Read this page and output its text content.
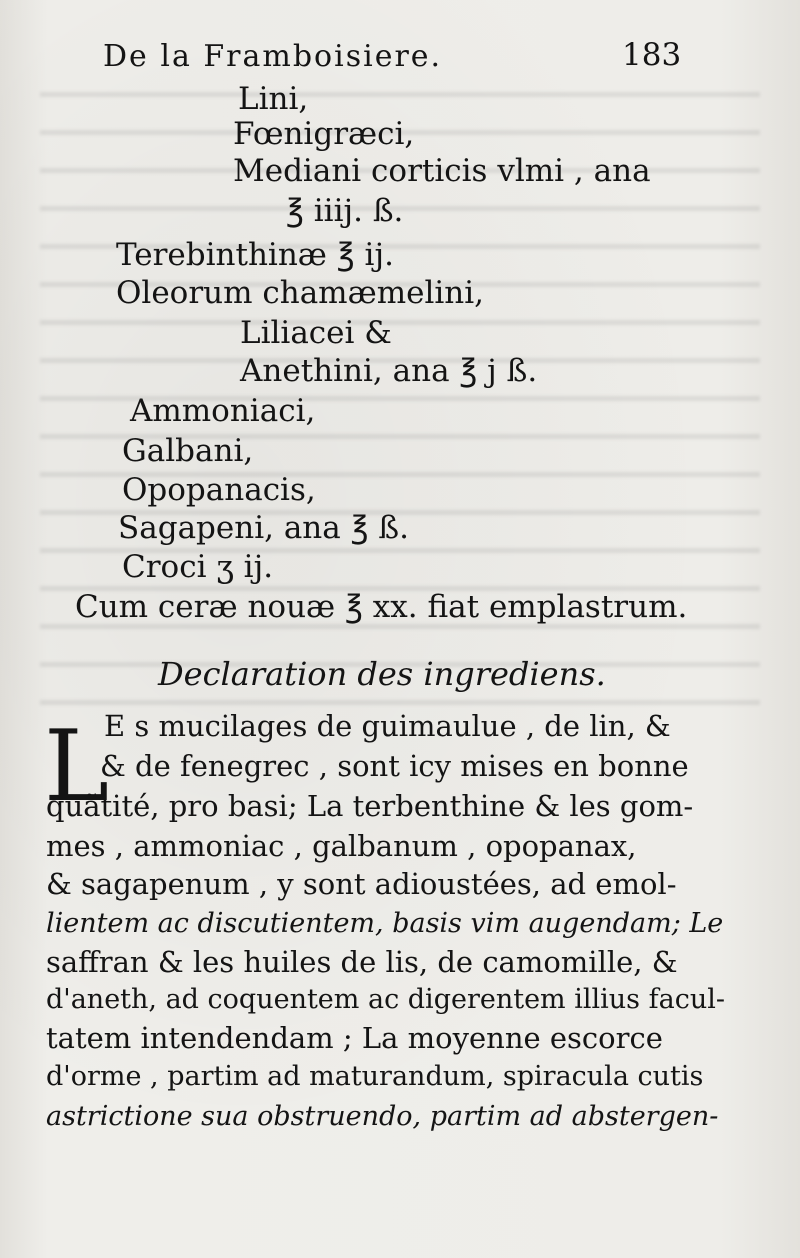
De la Framboisiere.	183
Lini,
Fœnigræci,
Mediani corticis vlmi , ana
℥ iiij. ß.
Terebinthinæ ℥ ij.
Oleorum chamæmelini,
Liliacei &
Anethini, ana ℥ j ß.
Ammoniaci,
Galbani,
Opopanacis,
Sagapeni, ana ℥ ß.
Croci ʒ ij.
Cum ceræ nouæ ℥ xx. fiat emplastrum.
Declaration des ingrediens.
L
E s mucilages de guimaulue , de lin, &
& de fenegrec , sont icy mises en bonne
quãtité, pro basi; La terbenthine & les gom-
mes , ammoniac , galbanum , opopanax,
& sagapenum , y sont adioustées, ad emol-
lientem ac discutientem, basis vim augendam; Le
saffran & les huiles de lis, de camomille, &
d'aneth, ad coquentem ac digerentem illius facul-
tatem intendendam ; La moyenne escorce
d'orme , partim ad maturandum, spiracula cutis
astrictione sua obstruendo, partim ad abstergen-
